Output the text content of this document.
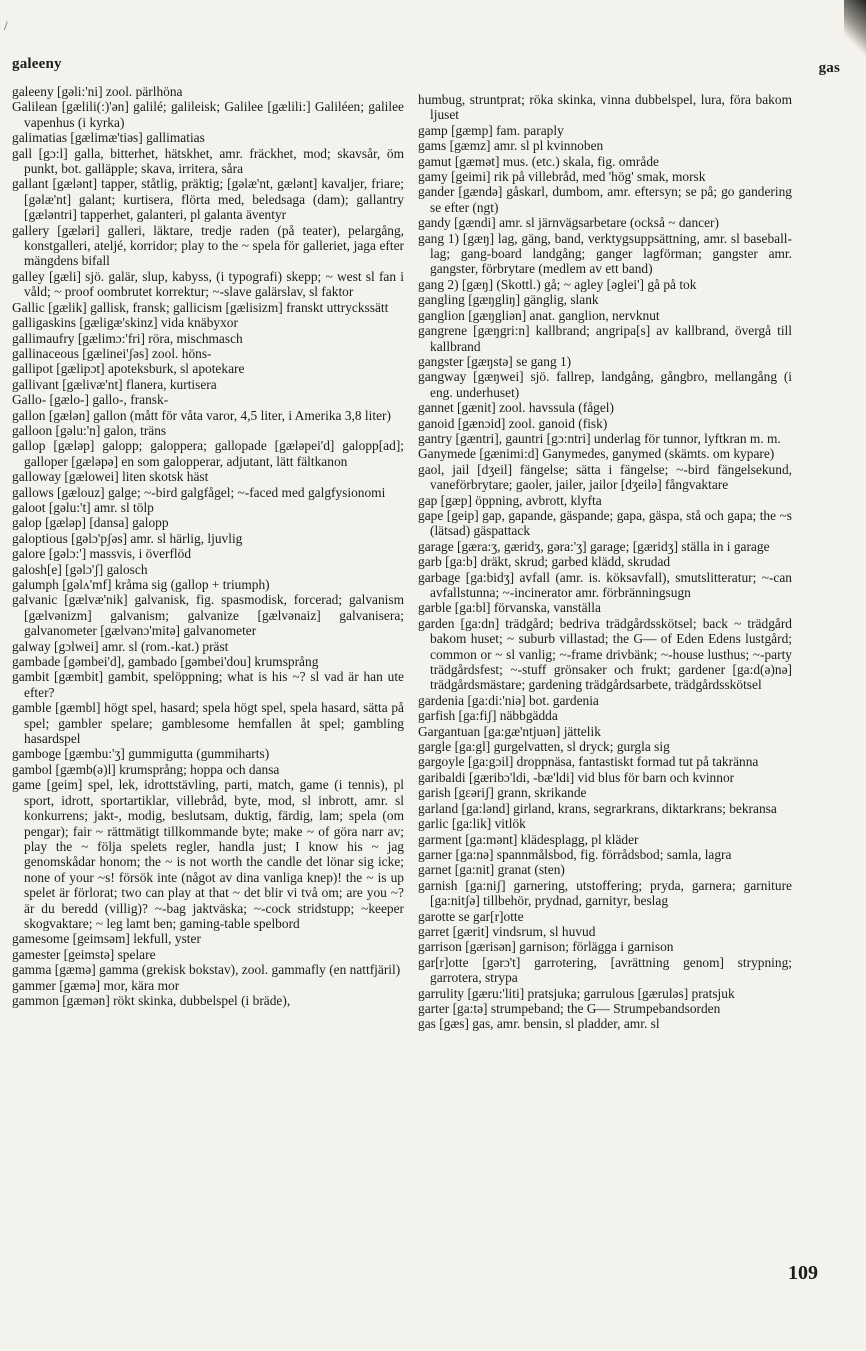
/
galeeny	gas

galeeny [gəli:'ni] zool. pärlhöna

Galilean [gælili(:)'ən] galilé; galileisk; Galilee [gælili:] Galiléen; galilee vapenhus (i kyrka)

galimatias [gælimæ'tiəs] gallimatias

gall [gɔ:l] galla, bitterhet, hätskhet, amr. fräckhet, mod; skavsår, öm punkt, bot. galläpple; skava, irritera, såra

gallant [gælənt] tapper, ståtlig, präktig; [gəlæ'nt, gælənt] kavaljer, friare; [gəlæ'nt] galant; kurtisera, flörta med, beledsaga (dam); gallantry [gæləntri] tapperhet, galanteri, pl galanta äventyr

gallery [gæləri] galleri, läktare, tredje raden (på teater), pelargång, konstgalleri, ateljé, korridor; play to the ~ spela för galleriet, jaga efter mängdens bifall

galley [gæli] sjö. galär, slup, kabyss, (i typografi) skepp; ~ west sl fan i våld; ~ proof oombrutet korrektur; ~-slave galärslav, sl faktor

Gallic [gælik] gallisk, fransk; gallicism [gælisizm] franskt uttryckssätt

galligaskins [gæligæ'skinz] vida knäbyxor

gallimaufry [gælimɔ:'fri] röra, mischmasch

gallinaceous [gælinei'ʃəs] zool. höns-

gallipot [gælipɔt] apoteksburk, sl apotekare

gallivant [gælivæ'nt] flanera, kurtisera

Gallo- [gælo-] gallo-, fransk-

gallon [gælən] gallon (mått för våta varor, 4,5 liter, i Amerika 3,8 liter)

galloon [gəlu:'n] galon, träns

gallop [gæləp] galopp; galoppera; gallopade [gæləpei'd] galopp[ad]; galloper [gæləpə] en som galopperar, adjutant, lätt fältkanon

galloway [gælowei] liten skotsk häst

gallows [gælouz] galge; ~-bird galgfågel; ~-faced med galgfysionomi

galoot [gəlu:'t] amr. sl tölp

galop [gæləp] [dansa] galopp

galoptious [gəlɔ'pʃəs] amr. sl härlig, ljuvlig

galore [gəlɔ:'] massvis, i överflöd

galosh[e] [gəlɔ'ʃ] galosch

galumph [gəlʌ'mf] kråma sig (gallop + triumph)

galvanic [gælvæ'nik] galvanisk, fig. spasmodisk, forcerad; galvanism [gælvənizm] galvanism; galvanize [gælvənaiz] galvanisera; galvanometer [gælvənɔ'mitə] galvanometer

galway [gɔlwei] amr. sl (rom.-kat.) präst

gambade [gəmbei'd], gambado [gəmbei'dou] krumsprång

gambit [gæmbit] gambit, spelöppning; what is his ~? sl vad är han ute efter?

gamble [gæmbl] högt spel, hasard; spela högt spel, spela hasard, sätta på spel; gambler spelare; gamblesome hemfallen åt spel; gambling hasardspel

gamboge [gæmbu:'ʒ] gummigutta (gummiharts)

gambol [gæmb(ə)l] krumsprång; hoppa och dansa

game [geim] spel, lek, idrottstävling, parti, match, game (i tennis), pl sport, idrott, sportartiklar, villebråd, byte, mod, sl inbrott, amr. sl konkurrens; jakt-, modig, beslutsam, duktig, färdig, lam; spela (om pengar); fair ~ rättmätigt tillkommande byte; make ~ of göra narr av; play the ~ följa spelets regler, handla just; I know his ~ jag genomskådar honom; the ~ is not worth the candle det lönar sig icke; none of your ~s! försök inte (något av dina vanliga knep)! the ~ is up spelet är förlorat; two can play at that ~ det blir vi två om; are you ~? är du beredd (villig)? ~-bag jaktväska; ~-cock stridstupp; ~keeper skogvaktare; ~ leg lamt ben; gaming-table spelbord

gamesome [geimsəm] lekfull, yster

gamester [geimstə] spelare

gamma [gæmə] gamma (grekisk bokstav), zool. gammafly (en nattfjäril)

gammer [gæmə] mor, kära mor

gammon [gæmən] rökt skinka, dubbelspel (i bräde),

humbug, struntprat; röka skinka, vinna dubbelspel, lura, föra bakom ljuset

gamp [gæmp] fam. paraply

gams [gæmz] amr. sl pl kvinnoben

gamut [gæmət] mus. (etc.) skala, fig. område

gamy [geimi] rik på villebråd, med 'hög' smak, morsk

gander [gændə] gåskarl, dumbom, amr. eftersyn; se på; go gandering se efter (ngt)

gandy [gændi] amr. sl järnvägsarbetare (också ~ dancer)

gang 1) [gæŋ] lag, gäng, band, verktygsuppsättning, amr. sl baseball-lag; gang-board landgång; ganger lagförman; gangster amr. gangster, förbrytare (medlem av ett band)

gang 2) [gæŋ] (Skottl.) gå; ~ agley [əglei'] gå på tok

gangling [gæŋgliŋ] gänglig, slank

ganglion [gæŋgliən] anat. ganglion, nervknut

gangrene [gæŋgri:n] kallbrand; angripa[s] av kallbrand, övergå till kallbrand

gangster [gæŋstə] se gang 1)

gangway [gæŋwei] sjö. fallrep, landgång, gångbro, mellangång (i eng. underhuset)

gannet [gænit] zool. havssula (fågel)

ganoid [gænɔid] zool. ganoid (fisk)

gantry [gæntri], gauntri [gɔ:ntri] underlag för tunnor, lyftkran m. m.

Ganymede [gænimi:d] Ganymedes, ganymed (skämts. om kypare)

gaol, jail [dʒeil] fängelse; sätta i fängelse; ~-bird fängelsekund, vaneförbrytare; gaoler, jailer, jailor [dʒeilə] fångvaktare

gap [gæp] öppning, avbrott, klyfta

gape [geip] gap, gapande, gäspande; gapa, gäspa, stå och gapa; the ~s (lätsad) gäspattack

garage [gæra:ʒ, gæridʒ, gəra:'ʒ] garage; [gæridʒ] ställa in i garage

garb [ga:b] dräkt, skrud; garbed klädd, skrudad

garbage [ga:bidʒ] avfall (amr. is. köksavfall), smutslitteratur; ~-can avfallstunna; ~-incinerator amr. förbränningsugn

garble [ga:bl] förvanska, vanställa

garden [ga:dn] trädgård; bedriva trädgårdsskötsel; back ~ trädgård bakom huset; ~ suburb villastad; the G— of Eden Edens lustgård; common or ~ sl vanlig; ~-frame drivbänk; ~-house lusthus; ~-party trädgårdsfest; ~-stuff grönsaker och frukt; gardener [ga:d(ə)nə] trädgårdsmästare; gardening trädgårdsarbete, trädgårdsskötsel

gardenia [ga:di:'niə] bot. gardenia

garfish [ga:fiʃ] näbbgädda

Gargantuan [ga:gæ'ntjuən] jättelik

gargle [ga:gl] gurgelvatten, sl dryck; gurgla sig

gargoyle [ga:gɔil] droppnäsa, fantastiskt formad tut på takränna

garibaldi [gæribɔ'ldi, -bæ'ldi] vid blus för barn och kvinnor

garish [gɛəriʃ] grann, skrikande

garland [ga:lənd] girland, krans, segrarkrans, diktarkrans; bekransa

garlic [ga:lik] vitlök

garment [ga:mənt] klädesplagg, pl kläder

garner [ga:nə] spannmålsbod, fig. förrådsbod; samla, lagra

garnet [ga:nit] granat (sten)

garnish [ga:niʃ] garnering, utstoffering; pryda, garnera; garniture [ga:nitʃə] tillbehör, prydnad, garnityr, beslag

garotte se gar[r]otte

garret [gærit] vindsrum, sl huvud

garrison [gærisən] garnison; förlägga i garnison

gar[r]otte [gərɔ't] garrotering, [avrättning genom] strypning; garrotera, strypa

garrulity [gæru:'liti] pratsjuka; garrulous [gærulәs] pratsjuk

garter [ga:tə] strumpeband; the G— Strumpebandsorden

gas [gæs] gas, amr. bensin, sl pladder, amr. sl

109
